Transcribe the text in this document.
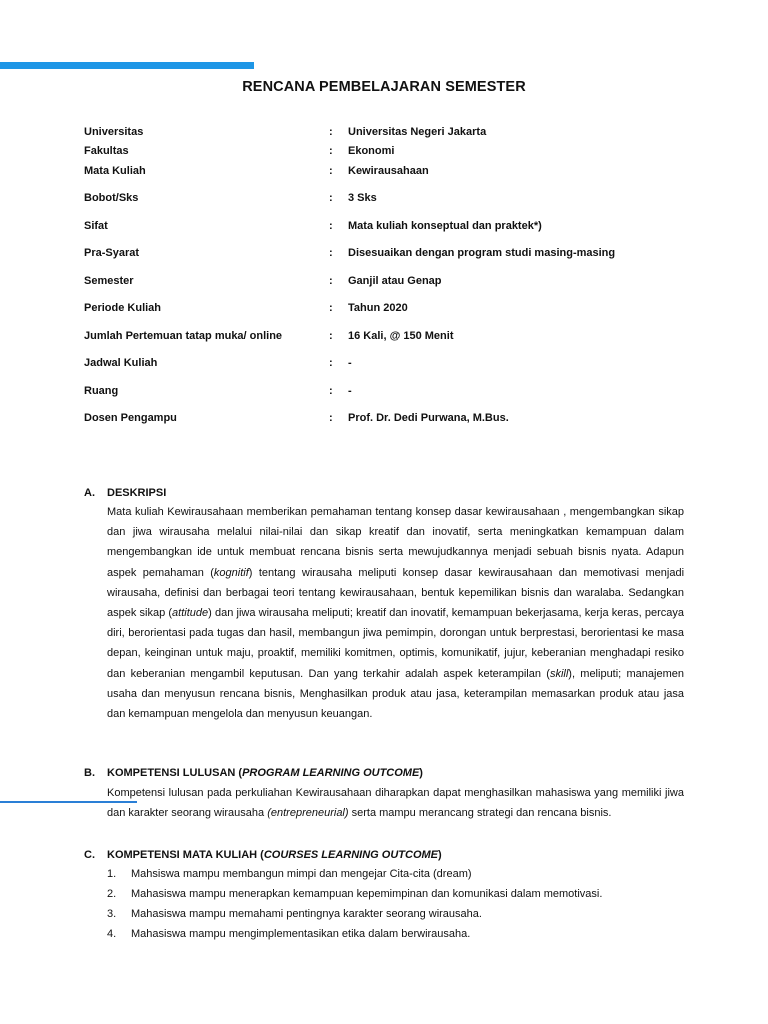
RENCANA PEMBELAJARAN SEMESTER
Universitas	: Universitas Negeri Jakarta
Fakultas	: Ekonomi
Mata Kuliah	: Kewirausahaan
Bobot/Sks	: 3 Sks
Sifat	: Mata kuliah konseptual dan praktek*)
Pra-Syarat	: Disesuaikan dengan program studi masing-masing
Semester	: Ganjil atau Genap
Periode Kuliah	: Tahun 2020
Jumlah Pertemuan tatap muka/ online	: 16 Kali, @ 150 Menit
Jadwal Kuliah	: -
Ruang	: -
Dosen Pengampu	: Prof. Dr. Dedi Purwana, M.Bus.
A. DESKRIPSI
Mata kuliah Kewirausahaan memberikan pemahaman tentang konsep dasar kewirausahaan , mengembangkan sikap dan jiwa wirausaha melalui nilai-nilai dan sikap kreatif dan inovatif, serta meningkatkan kemampuan dalam mengembangkan ide untuk membuat rencana bisnis serta mewujudkannya menjadi sebuah bisnis nyata. Adapun aspek pemahaman (kognitif) tentang wirausaha meliputi konsep dasar kewirausahaan dan memotivasi menjadi wirausaha, definisi dan berbagai teori tentang kewirausahaan, bentuk kepemilikan bisnis dan waralaba. Sedangkan aspek sikap (attitude) dan jiwa wirausaha meliputi; kreatif dan inovatif, kemampuan bekerjasama, kerja keras, percaya diri, berorientasi pada tugas dan hasil, membangun jiwa pemimpin, dorongan untuk berprestasi, berorientasi ke masa depan, keinginan untuk maju, proaktif, memiliki komitmen, optimis, komunikatif, jujur, keberanian menghadapi resiko dan keberanian mengambil keputusan. Dan yang terkahir adalah aspek keterampilan (skill), meliputi; manajemen usaha dan menyusun rencana bisnis, Menghasilkan produk atau jasa, keterampilan memasarkan produk atau jasa dan kemampuan mengelola dan menyusun keuangan.
B. KOMPETENSI LULUSAN (PROGRAM LEARNING OUTCOME)
Kompetensi lulusan pada perkuliahan Kewirausahaan diharapkan dapat menghasilkan mahasiswa yang memiliki jiwa dan karakter seorang wirausaha (entrepreneurial) serta mampu merancang strategi dan rencana bisnis.
C. KOMPETENSI MATA KULIAH (COURSES LEARNING OUTCOME)
1. Mahsiswa mampu membangun mimpi dan mengejar Cita-cita (dream)
2. Mahasiswa mampu menerapkan kemampuan kepemimpinan dan komunikasi dalam memotivasi.
3. Mahasiswa mampu memahami pentingnya karakter seorang wirausaha.
4. Mahasiswa mampu mengimplementasikan etika dalam berwirausaha.
